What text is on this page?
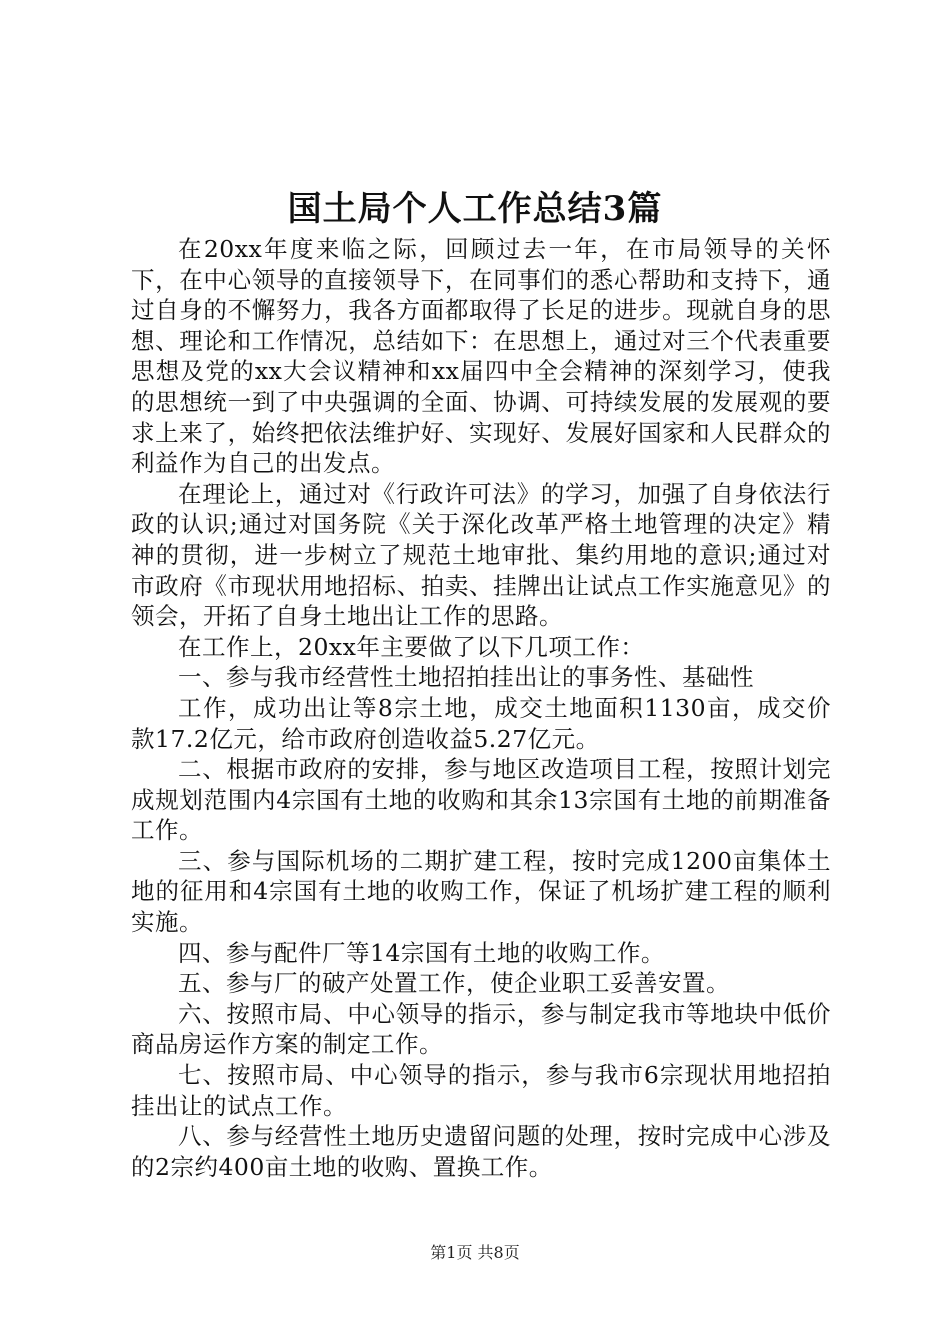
国土局个人工作总结3篇

在20xx年度来临之际，回顾过去一年，在市局领导的关怀下，在中心领导的直接领导下，在同事们的悉心帮助和支持下，通过自身的不懈努力，我各方面都取得了长足的进步。现就自身的思想、理论和工作情况，总结如下：在思想上，通过对三个代表重要思想及党的xx大会议精神和xx届四中全会精神的深刻学习，使我的思想统一到了中央强调的全面、协调、可持续发展的发展观的要求上来了，始终把依法维护好、实现好、发展好国家和人民群众的利益作为自己的出发点。

在理论上，通过对《行政许可法》的学习，加强了自身依法行政的认识;通过对国务院《关于深化改革严格土地管理的决定》精神的贯彻，进一步树立了规范土地审批、集约用地的意识;通过对市政府《市现状用地招标、拍卖、挂牌出让试点工作实施意见》的领会，开拓了自身土地出让工作的思路。

在工作上，20xx年主要做了以下几项工作：

一、参与我市经营性土地招拍挂出让的事务性、基础性

工作，成功出让等8宗土地，成交土地面积1130亩，成交价款17.2亿元，给市政府创造收益5.27亿元。

二、根据市政府的安排，参与地区改造项目工程，按照计划完成规划范围内4宗国有土地的收购和其余13宗国有土地的前期准备工作。

三、参与国际机场的二期扩建工程，按时完成1200亩集体土地的征用和4宗国有土地的收购工作，保证了机场扩建工程的顺利实施。

四、参与配件厂等14宗国有土地的收购工作。

五、参与厂的破产处置工作，使企业职工妥善安置。

六、按照市局、中心领导的指示，参与制定我市等地块中低价商品房运作方案的制定工作。

七、按照市局、中心领导的指示，参与我市6宗现状用地招拍挂出让的试点工作。

八、参与经营性土地历史遗留问题的处理，按时完成中心涉及的2宗约400亩土地的收购、置换工作。

第1页 共8页
